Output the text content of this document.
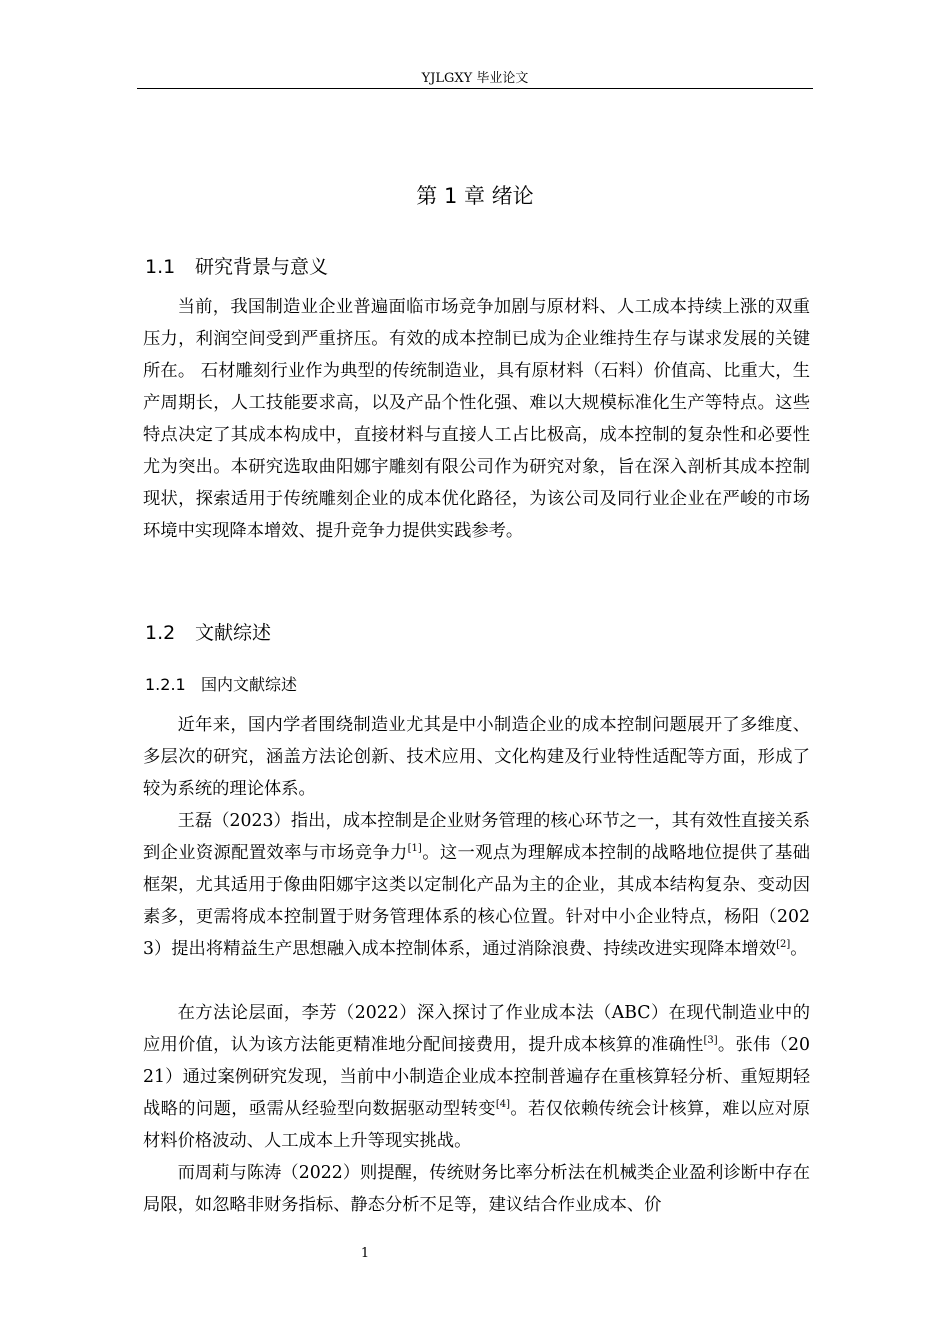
YJLGXY 毕业论文
第 1 章 绪论
1.1 研究背景与意义

当前，我国制造业企业普遍面临市场竞争加剧与原材料、人工成本持续上涨的双重压力，利润空间受到严重挤压。有效的成本控制已成为企业维持生存与谋求发展的关键所在。 石材雕刻行业作为典型的传统制造业，具有原材料（石料）价值高、比重大，生产周期长，人工技能要求高，以及产品个性化强、难以大规模标准化生产等特点。这些特点决定了其成本构成中，直接材料与直接人工占比极高，成本控制的复杂性和必要性尤为突出。本研究选取曲阳娜宇雕刻有限公司作为研究对象，旨在深入剖析其成本控制现状，探索适用于传统雕刻企业的成本优化路径，为该公司及同行业企业在严峻的市场环境中实现降本增效、提升竞争力提供实践参考。

1.2 文献综述
1.2.1 国内文献综述

近年来，国内学者围绕制造业尤其是中小制造企业的成本控制问题展开了多维度、多层次的研究，涵盖方法论创新、技术应用、文化构建及行业特性适配等方面，形成了较为系统的理论体系。

王磊（2023）指出，成本控制是企业财务管理的核心环节之一，其有效性直接关系到企业资源配置效率与市场竞争力[1]。这一观点为理解成本控制的战略地位提供了基础框架，尤其适用于像曲阳娜宇这类以定制化产品为主的企业，其成本结构复杂、变动因素多，更需将成本控制置于财务管理体系的核心位置。针对中小企业特点，杨阳（2023）提出将精益生产思想融入成本控制体系，通过消除浪费、持续改进实现降本增效[2]。

在方法论层面，李芳（2022）深入探讨了作业成本法（ABC）在现代制造业中的应用价值，认为该方法能更精准地分配间接费用，提升成本核算的准确性[3]。张伟（2021）通过案例研究发现，当前中小制造企业成本控制普遍存在重核算轻分析、重短期轻战略的问题，亟需从经验型向数据驱动型转变[4]。若仅依赖传统会计核算，难以应对原材料价格波动、人工成本上升等现实挑战。

而周莉与陈涛（2022）则提醒，传统财务比率分析法在机械类企业盈利诊断中存在局限，如忽略非财务指标、静态分析不足等，建议结合作业成本、价

1
